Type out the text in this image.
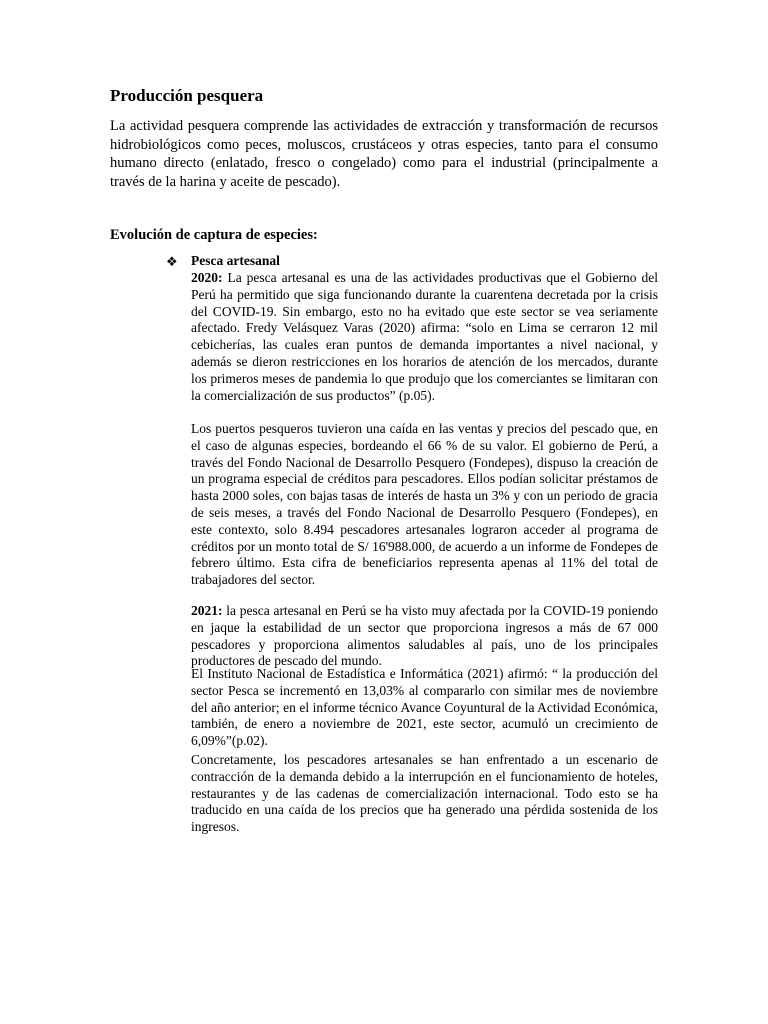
Producción pesquera

La actividad pesquera comprende las actividades de extracción y transformación de recursos hidrobiológicos como peces, moluscos, crustáceos y otras especies, tanto para el consumo humano directo (enlatado, fresco o congelado) como para el industrial (principalmente a través de la harina y aceite de pescado).

Evolución de captura de especies:
❖ Pesca artesanal

2020: La pesca artesanal es una de las actividades productivas que el Gobierno del Perú ha permitido que siga funcionando durante la cuarentena decretada por la crisis del COVID-19. Sin embargo, esto no ha evitado que este sector se vea seriamente afectado. Fredy Velásquez Varas (2020) afirma: “solo en Lima se cerraron 12 mil cebicherías, las cuales eran puntos de demanda importantes a nivel nacional, y además se dieron restricciones en los horarios de atención de los mercados, durante los primeros meses de pandemia lo que produjo que los comerciantes se limitaran con la comercialización de sus productos” (p.05).

Los puertos pesqueros tuvieron una caída en las ventas y precios del pescado que, en el caso de algunas especies, bordeando el 66 % de su valor. El gobierno de Perú, a través del Fondo Nacional de Desarrollo Pesquero (Fondepes), dispuso la creación de un programa especial de créditos para pescadores. Ellos podían solicitar préstamos de hasta 2000 soles, con bajas tasas de interés de hasta un 3% y con un periodo de gracia de seis meses, a través del Fondo Nacional de Desarrollo Pesquero (Fondepes), en este contexto, solo 8.494 pescadores artesanales lograron acceder al programa de créditos por un monto total de S/ 16'988.000, de acuerdo a un informe de Fondepes de febrero último. Esta cifra de beneficiarios representa apenas al 11% del total de trabajadores del sector.

2021: la pesca artesanal en Perú se ha visto muy afectada por la COVID-19 poniendo en jaque la estabilidad de un sector que proporciona ingresos a más de 67 000 pescadores y proporciona alimentos saludables al país, uno de los principales productores de pescado del mundo.

El Instituto Nacional de Estadística e Informática (2021) afirmó: “ la producción del sector Pesca se incrementó en 13,03% al compararlo con similar mes de noviembre del año anterior; en el informe técnico Avance Coyuntural de la Actividad Económica, también, de enero a noviembre de 2021, este sector, acumuló un crecimiento de 6,09%”(p.02).

Concretamente, los pescadores artesanales se han enfrentado a un escenario de contracción de la demanda debido a la interrupción en el funcionamiento de hoteles, restaurantes y de las cadenas de comercialización internacional. Todo esto se ha traducido en una caída de los precios que ha generado una pérdida sostenida de los ingresos.
